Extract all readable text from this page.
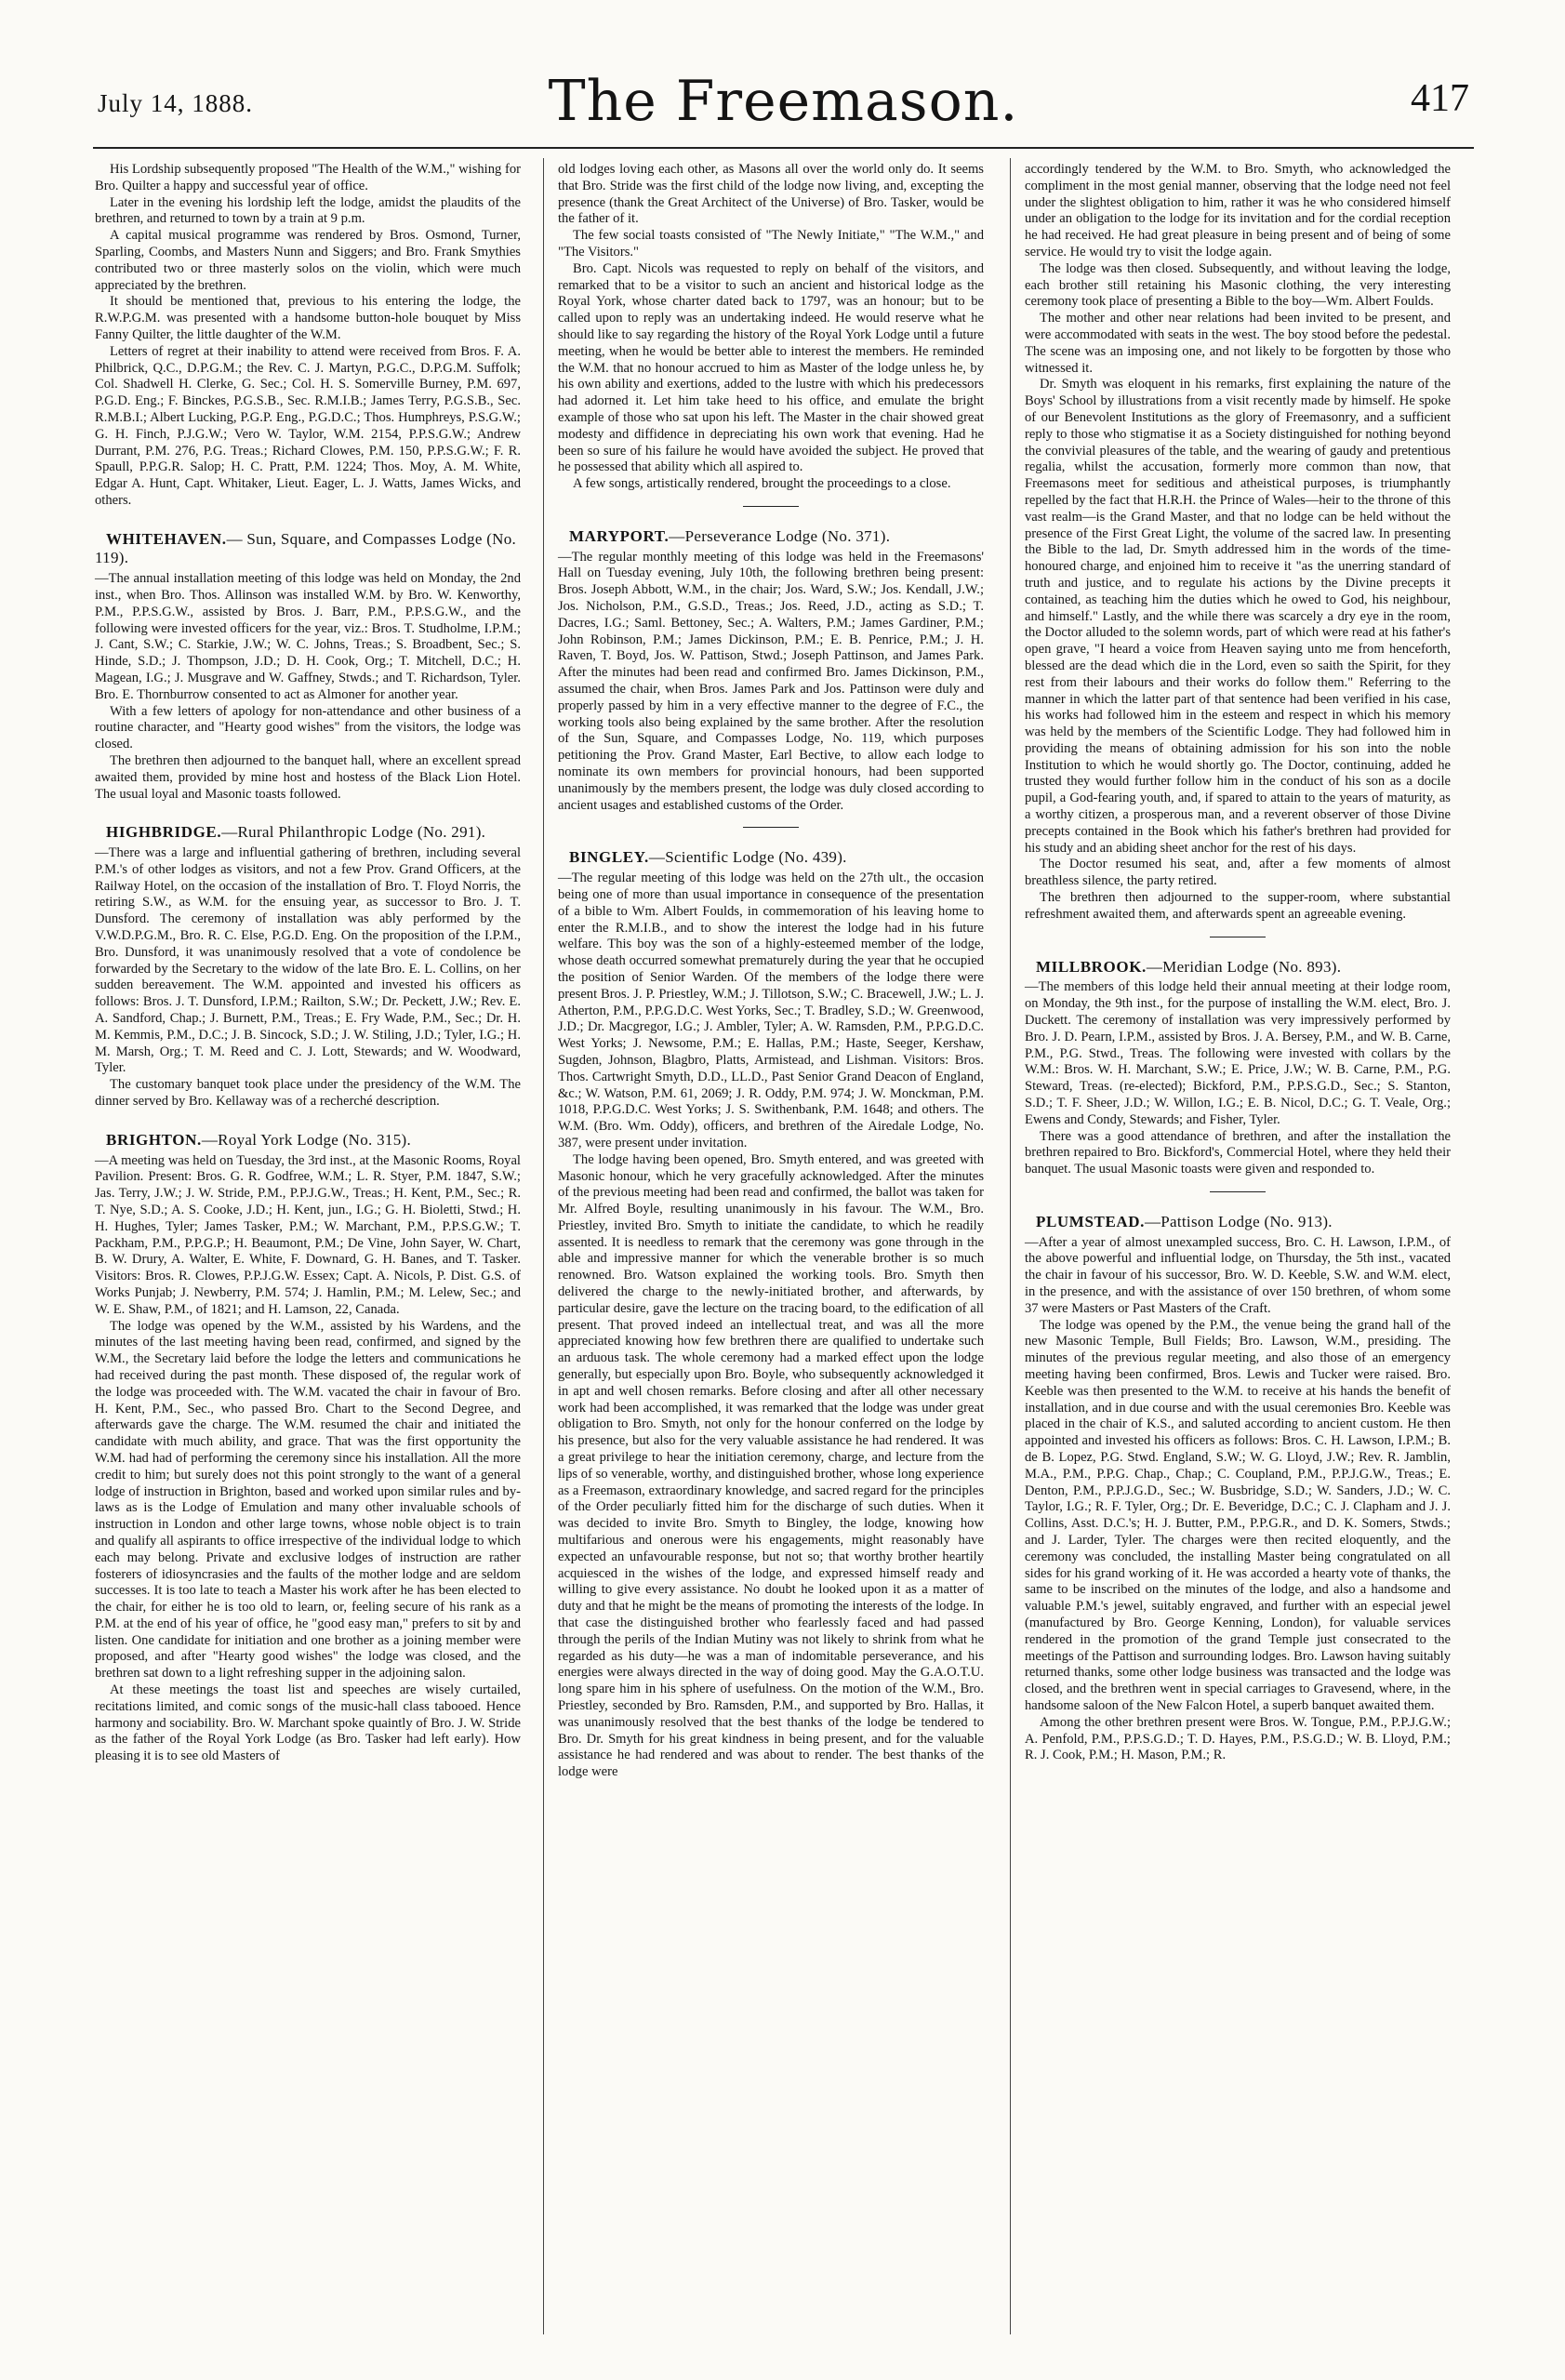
July 14, 1888.	The Freemason.	417

His Lordship subsequently proposed "The Health of the W.M.," wishing for Bro. Quilter a happy and successful year of office.

Later in the evening his lordship left the lodge, amidst the plaudits of the brethren, and returned to town by a train at 9 p.m.

A capital musical programme was rendered by Bros. Osmond, Turner, Sparling, Coombs, and Masters Nunn and Siggers; and Bro. Frank Smythies contributed two or three masterly solos on the violin, which were much appreciated by the brethren.

It should be mentioned that, previous to his entering the lodge, the R.W.P.G.M. was presented with a handsome button-hole bouquet by Miss Fanny Quilter, the little daughter of the W.M.

Letters of regret at their inability to attend were received from Bros. F. A. Philbrick, Q.C., D.P.G.M.; the Rev. C. J. Martyn, P.G.C., D.P.G.M. Suffolk; Col. Shadwell H. Clerke, G. Sec.; Col. H. S. Somerville Burney, P.M. 697, P.G.D. Eng.; F. Binckes, P.G.S.B., Sec. R.M.I.B.; James Terry, P.G.S.B., Sec. R.M.B.I.; Albert Lucking, P.G.P. Eng., P.G.D.C.; Thos. Humphreys, P.S.G.W.; G. H. Finch, P.J.G.W.; Vero W. Taylor, W.M. 2154, P.P.S.G.W.; Andrew Durrant, P.M. 276, P.G. Treas.; Richard Clowes, P.M. 150, P.P.S.G.W.; F. R. Spaull, P.P.G.R. Salop; H. C. Pratt, P.M. 1224; Thos. Moy, A. M. White, Edgar A. Hunt, Capt. Whitaker, Lieut. Eager, L. J. Watts, James Wicks, and others.

WHITEHAVEN.— Sun, Square, and Compasses Lodge (No. 119).

—The annual installation meeting of this lodge was held on Monday, the 2nd inst., when Bro. Thos. Allinson was installed W.M. by Bro. W. Kenworthy, P.M., P.P.S.G.W., assisted by Bros. J. Barr, P.M., P.P.S.G.W., and the following were invested officers for the year, viz.: Bros. T. Studholme, I.P.M.; J. Cant, S.W.; C. Starkie, J.W.; W. C. Johns, Treas.; S. Broadbent, Sec.; S. Hinde, S.D.; J. Thompson, J.D.; D. H. Cook, Org.; T. Mitchell, D.C.; H. Magean, I.G.; J. Musgrave and W. Gaffney, Stwds.; and T. Richardson, Tyler. Bro. E. Thornburrow consented to act as Almoner for another year.

With a few letters of apology for non-attendance and other business of a routine character, and "Hearty good wishes" from the visitors, the lodge was closed.

The brethren then adjourned to the banquet hall, where an excellent spread awaited them, provided by mine host and hostess of the Black Lion Hotel. The usual loyal and Masonic toasts followed.

HIGHBRIDGE.—Rural Philanthropic Lodge (No. 291).

—There was a large and influential gathering of brethren, including several P.M.'s of other lodges as visitors, and not a few Prov. Grand Officers, at the Railway Hotel, on the occasion of the installation of Bro. T. Floyd Norris, the retiring S.W., as W.M. for the ensuing year, as successor to Bro. J. T. Dunsford. The ceremony of installation was ably performed by the V.W.D.P.G.M., Bro. R. C. Else, P.G.D. Eng. On the proposition of the I.P.M., Bro. Dunsford, it was unanimously resolved that a vote of condolence be forwarded by the Secretary to the widow of the late Bro. E. L. Collins, on her sudden bereavement. The W.M. appointed and invested his officers as follows: Bros. J. T. Dunsford, I.P.M.; Railton, S.W.; Dr. Peckett, J.W.; Rev. E. A. Sandford, Chap.; J. Burnett, P.M., Treas.; E. Fry Wade, P.M., Sec.; Dr. H. M. Kemmis, P.M., D.C.; J. B. Sincock, S.D.; J. W. Stiling, J.D.; Tyler, I.G.; H. M. Marsh, Org.; T. M. Reed and C. J. Lott, Stewards; and W. Woodward, Tyler.

The customary banquet took place under the presidency of the W.M. The dinner served by Bro. Kellaway was of a recherché description.

BRIGHTON.—Royal York Lodge (No. 315).

—A meeting was held on Tuesday, the 3rd inst., at the Masonic Rooms, Royal Pavilion. Present: Bros. G. R. Godfree, W.M.; L. R. Styer, P.M. 1847, S.W.; Jas. Terry, J.W.; J. W. Stride, P.M., P.P.J.G.W., Treas.; H. Kent, P.M., Sec.; R. T. Nye, S.D.; A. S. Cooke, J.D.; H. Kent, jun., I.G.; G. H. Bioletti, Stwd.; H. H. Hughes, Tyler; James Tasker, P.M.; W. Marchant, P.M., P.P.S.G.W.; T. Packham, P.M., P.P.G.P.; H. Beaumont, P.M.; De Vine, John Sayer, W. Chart, B. W. Drury, A. Walter, E. White, F. Downard, G. H. Banes, and T. Tasker. Visitors: Bros. R. Clowes, P.P.J.G.W. Essex; Capt. A. Nicols, P. Dist. G.S. of Works Punjab; J. Newberry, P.M. 574; J. Hamlin, P.M.; M. Lelew, Sec.; and W. E. Shaw, P.M., of 1821; and H. Lamson, 22, Canada.

The lodge was opened by the W.M., assisted by his Wardens, and the minutes of the last meeting having been read, confirmed, and signed by the W.M., the Secretary laid before the lodge the letters and communications he had received during the past month. These disposed of, the regular work of the lodge was proceeded with. The W.M. vacated the chair in favour of Bro. H. Kent, P.M., Sec., who passed Bro. Chart to the Second Degree, and afterwards gave the charge. The W.M. resumed the chair and initiated the candidate with much ability, and grace. That was the first opportunity the W.M. had had of performing the ceremony since his installation. All the more credit to him; but surely does not this point strongly to the want of a general lodge of instruction in Brighton, based and worked upon similar rules and by-laws as is the Lodge of Emulation and many other invaluable schools of instruction in London and other large towns, whose noble object is to train and qualify all aspirants to office irrespective of the individual lodge to which each may belong. Private and exclusive lodges of instruction are rather fosterers of idiosyncrasies and the faults of the mother lodge and are seldom successes. It is too late to teach a Master his work after he has been elected to the chair, for either he is too old to learn, or, feeling secure of his rank as a P.M. at the end of his year of office, he "good easy man," prefers to sit by and listen. One candidate for initiation and one brother as a joining member were proposed, and after "Hearty good wishes" the lodge was closed, and the brethren sat down to a light refreshing supper in the adjoining salon.

At these meetings the toast list and speeches are wisely curtailed, recitations limited, and comic songs of the music-hall class tabooed. Hence harmony and sociability. Bro. W. Marchant spoke quaintly of Bro. J. W. Stride as the father of the Royal York Lodge (as Bro. Tasker had left early). How pleasing it is to see old Masters of

old lodges loving each other, as Masons all over the world only do. It seems that Bro. Stride was the first child of the lodge now living, and, excepting the presence (thank the Great Architect of the Universe) of Bro. Tasker, would be the father of it.

The few social toasts consisted of "The Newly Initiate," "The W.M.," and "The Visitors."

Bro. Capt. Nicols was requested to reply on behalf of the visitors, and remarked that to be a visitor to such an ancient and historical lodge as the Royal York, whose charter dated back to 1797, was an honour; but to be called upon to reply was an undertaking indeed. He would reserve what he should like to say regarding the history of the Royal York Lodge until a future meeting, when he would be better able to interest the members. He reminded the W.M. that no honour accrued to him as Master of the lodge unless he, by his own ability and exertions, added to the lustre with which his predecessors had adorned it. Let him take heed to his office, and emulate the bright example of those who sat upon his left. The Master in the chair showed great modesty and diffidence in depreciating his own work that evening. Had he been so sure of his failure he would have avoided the subject. He proved that he possessed that ability which all aspired to.

A few songs, artistically rendered, brought the proceedings to a close.

MARYPORT.—Perseverance Lodge (No. 371).

—The regular monthly meeting of this lodge was held in the Freemasons' Hall on Tuesday evening, July 10th, the following brethren being present: Bros. Joseph Abbott, W.M., in the chair; Jos. Ward, S.W.; Jos. Kendall, J.W.; Jos. Nicholson, P.M., G.S.D., Treas.; Jos. Reed, J.D., acting as S.D.; T. Dacres, I.G.; Saml. Bettoney, Sec.; A. Walters, P.M.; James Gardiner, P.M.; John Robinson, P.M.; James Dickinson, P.M.; E. B. Penrice, P.M.; J. H. Raven, T. Boyd, Jos. W. Pattison, Stwd.; Joseph Pattinson, and James Park. After the minutes had been read and confirmed Bro. James Dickinson, P.M., assumed the chair, when Bros. James Park and Jos. Pattinson were duly and properly passed by him in a very effective manner to the degree of F.C., the working tools also being explained by the same brother. After the resolution of the Sun, Square, and Compasses Lodge, No. 119, which purposes petitioning the Prov. Grand Master, Earl Bective, to allow each lodge to nominate its own members for provincial honours, had been supported unanimously by the members present, the lodge was duly closed according to ancient usages and established customs of the Order.

BINGLEY.—Scientific Lodge (No. 439).

—The regular meeting of this lodge was held on the 27th ult., the occasion being one of more than usual importance in consequence of the presentation of a bible to Wm. Albert Foulds, in commemoration of his leaving home to enter the R.M.I.B., and to show the interest the lodge had in his future welfare. This boy was the son of a highly-esteemed member of the lodge, whose death occurred somewhat prematurely during the year that he occupied the position of Senior Warden. Of the members of the lodge there were present Bros. J. P. Priestley, W.M.; J. Tillotson, S.W.; C. Bracewell, J.W.; L. J. Atherton, P.M., P.P.G.D.C. West Yorks, Sec.; T. Bradley, S.D.; W. Greenwood, J.D.; Dr. Macgregor, I.G.; J. Ambler, Tyler; A. W. Ramsden, P.M., P.P.G.D.C. West Yorks; J. Newsome, P.M.; E. Hallas, P.M.; Haste, Seeger, Kershaw, Sugden, Johnson, Blagbro, Platts, Armistead, and Lishman. Visitors: Bros. Thos. Cartwright Smyth, D.D., LL.D., Past Senior Grand Deacon of England, &c.; W. Watson, P.M. 61, 2069; J. R. Oddy, P.M. 974; J. W. Monckman, P.M. 1018, P.P.G.D.C. West Yorks; J. S. Swithenbank, P.M. 1648; and others. The W.M. (Bro. Wm. Oddy), officers, and brethren of the Airedale Lodge, No. 387, were present under invitation.

The lodge having been opened, Bro. Smyth entered, and was greeted with Masonic honour, which he very gracefully acknowledged. After the minutes of the previous meeting had been read and confirmed, the ballot was taken for Mr. Alfred Boyle, resulting unanimously in his favour. The W.M., Bro. Priestley, invited Bro. Smyth to initiate the candidate, to which he readily assented. It is needless to remark that the ceremony was gone through in the able and impressive manner for which the venerable brother is so much renowned. Bro. Watson explained the working tools. Bro. Smyth then delivered the charge to the newly-initiated brother, and afterwards, by particular desire, gave the lecture on the tracing board, to the edification of all present. That proved indeed an intellectual treat, and was all the more appreciated knowing how few brethren there are qualified to undertake such an arduous task. The whole ceremony had a marked effect upon the lodge generally, but especially upon Bro. Boyle, who subsequently acknowledged it in apt and well chosen remarks. Before closing and after all other necessary work had been accomplished, it was remarked that the lodge was under great obligation to Bro. Smyth, not only for the honour conferred on the lodge by his presence, but also for the very valuable assistance he had rendered. It was a great privilege to hear the initiation ceremony, charge, and lecture from the lips of so venerable, worthy, and distinguished brother, whose long experience as a Freemason, extraordinary knowledge, and sacred regard for the principles of the Order peculiarly fitted him for the discharge of such duties. When it was decided to invite Bro. Smyth to Bingley, the lodge, knowing how multifarious and onerous were his engagements, might reasonably have expected an unfavourable response, but not so; that worthy brother heartily acquiesced in the wishes of the lodge, and expressed himself ready and willing to give every assistance. No doubt he looked upon it as a matter of duty and that he might be the means of promoting the interests of the lodge. In that case the distinguished brother who fearlessly faced and had passed through the perils of the Indian Mutiny was not likely to shrink from what he regarded as his duty—he was a man of indomitable perseverance, and his energies were always directed in the way of doing good. May the G.A.O.T.U. long spare him in his sphere of usefulness. On the motion of the W.M., Bro. Priestley, seconded by Bro. Ramsden, P.M., and supported by Bro. Hallas, it was unanimously resolved that the best thanks of the lodge be tendered to Bro. Dr. Smyth for his great kindness in being present, and for the valuable assistance he had rendered and was about to render. The best thanks of the lodge were

accordingly tendered by the W.M. to Bro. Smyth, who acknowledged the compliment in the most genial manner, observing that the lodge need not feel under the slightest obligation to him, rather it was he who considered himself under an obligation to the lodge for its invitation and for the cordial reception he had received. He had great pleasure in being present and of being of some service. He would try to visit the lodge again.

The lodge was then closed. Subsequently, and without leaving the lodge, each brother still retaining his Masonic clothing, the very interesting ceremony took place of presenting a Bible to the boy—Wm. Albert Foulds.

The mother and other near relations had been invited to be present, and were accommodated with seats in the west. The boy stood before the pedestal. The scene was an imposing one, and not likely to be forgotten by those who witnessed it.

Dr. Smyth was eloquent in his remarks, first explaining the nature of the Boys' School by illustrations from a visit recently made by himself. He spoke of our Benevolent Institutions as the glory of Freemasonry, and a sufficient reply to those who stigmatise it as a Society distinguished for nothing beyond the convivial pleasures of the table, and the wearing of gaudy and pretentious regalia, whilst the accusation, formerly more common than now, that Freemasons meet for seditious and atheistical purposes, is triumphantly repelled by the fact that H.R.H. the Prince of Wales—heir to the throne of this vast realm—is the Grand Master, and that no lodge can be held without the presence of the First Great Light, the volume of the sacred law. In presenting the Bible to the lad, Dr. Smyth addressed him in the words of the time-honoured charge, and enjoined him to receive it "as the unerring standard of truth and justice, and to regulate his actions by the Divine precepts it contained, as teaching him the duties which he owed to God, his neighbour, and himself." Lastly, and the while there was scarcely a dry eye in the room, the Doctor alluded to the solemn words, part of which were read at his father's open grave, "I heard a voice from Heaven saying unto me from henceforth, blessed are the dead which die in the Lord, even so saith the Spirit, for they rest from their labours and their works do follow them." Referring to the manner in which the latter part of that sentence had been verified in his case, his works had followed him in the esteem and respect in which his memory was held by the members of the Scientific Lodge. They had followed him in providing the means of obtaining admission for his son into the noble Institution to which he would shortly go. The Doctor, continuing, added he trusted they would further follow him in the conduct of his son as a docile pupil, a God-fearing youth, and, if spared to attain to the years of maturity, as a worthy citizen, a prosperous man, and a reverent observer of those Divine precepts contained in the Book which his father's brethren had provided for his study and an abiding sheet anchor for the rest of his days.

The Doctor resumed his seat, and, after a few moments of almost breathless silence, the party retired.

The brethren then adjourned to the supper-room, where substantial refreshment awaited them, and afterwards spent an agreeable evening.

MILLBROOK.—Meridian Lodge (No. 893).

—The members of this lodge held their annual meeting at their lodge room, on Monday, the 9th inst., for the purpose of installing the W.M. elect, Bro. J. Duckett. The ceremony of installation was very impressively performed by Bro. J. D. Pearn, I.P.M., assisted by Bros. J. A. Bersey, P.M., and W. B. Carne, P.M., P.G. Stwd., Treas. The following were invested with collars by the W.M.: Bros. W. H. Marchant, S.W.; E. Price, J.W.; W. B. Carne, P.M., P.G. Steward, Treas. (re-elected); Bickford, P.M., P.P.S.G.D., Sec.; S. Stanton, S.D.; T. F. Sheer, J.D.; W. Willon, I.G.; E. B. Nicol, D.C.; G. T. Veale, Org.; Ewens and Condy, Stewards; and Fisher, Tyler.

There was a good attendance of brethren, and after the installation the brethren repaired to Bro. Bickford's, Commercial Hotel, where they held their banquet. The usual Masonic toasts were given and responded to.

PLUMSTEAD.—Pattison Lodge (No. 913).

—After a year of almost unexampled success, Bro. C. H. Lawson, I.P.M., of the above powerful and influential lodge, on Thursday, the 5th inst., vacated the chair in favour of his successor, Bro. W. D. Keeble, S.W. and W.M. elect, in the presence, and with the assistance of over 150 brethren, of whom some 37 were Masters or Past Masters of the Craft.

The lodge was opened by the P.M., the venue being the grand hall of the new Masonic Temple, Bull Fields; Bro. Lawson, W.M., presiding. The minutes of the previous regular meeting, and also those of an emergency meeting having been confirmed, Bros. Lewis and Tucker were raised. Bro. Keeble was then presented to the W.M. to receive at his hands the benefit of installation, and in due course and with the usual ceremonies Bro. Keeble was placed in the chair of K.S., and saluted according to ancient custom. He then appointed and invested his officers as follows: Bros. C. H. Lawson, I.P.M.; B. de B. Lopez, P.G. Stwd. England, S.W.; W. G. Lloyd, J.W.; Rev. R. Jamblin, M.A., P.M., P.P.G. Chap., Chap.; C. Coupland, P.M., P.P.J.G.W., Treas.; E. Denton, P.M., P.P.J.G.D., Sec.; W. Busbridge, S.D.; W. Sanders, J.D.; W. C. Taylor, I.G.; R. F. Tyler, Org.; Dr. E. Beveridge, D.C.; C. J. Clapham and J. J. Collins, Asst. D.C.'s; H. J. Butter, P.M., P.P.G.R., and D. K. Somers, Stwds.; and J. Larder, Tyler. The charges were then recited eloquently, and the ceremony was concluded, the installing Master being congratulated on all sides for his grand working of it. He was accorded a hearty vote of thanks, the same to be inscribed on the minutes of the lodge, and also a handsome and valuable P.M.'s jewel, suitably engraved, and further with an especial jewel (manufactured by Bro. George Kenning, London), for valuable services rendered in the promotion of the grand Temple just consecrated to the meetings of the Pattison and surrounding lodges. Bro. Lawson having suitably returned thanks, some other lodge business was transacted and the lodge was closed, and the brethren went in special carriages to Gravesend, where, in the handsome saloon of the New Falcon Hotel, a superb banquet awaited them.

Among the other brethren present were Bros. W. Tongue, P.M., P.P.J.G.W.; A. Penfold, P.M., P.P.S.G.D.; T. D. Hayes, P.M., P.S.G.D.; W. B. Lloyd, P.M.; R. J. Cook, P.M.; H. Mason, P.M.; R.
